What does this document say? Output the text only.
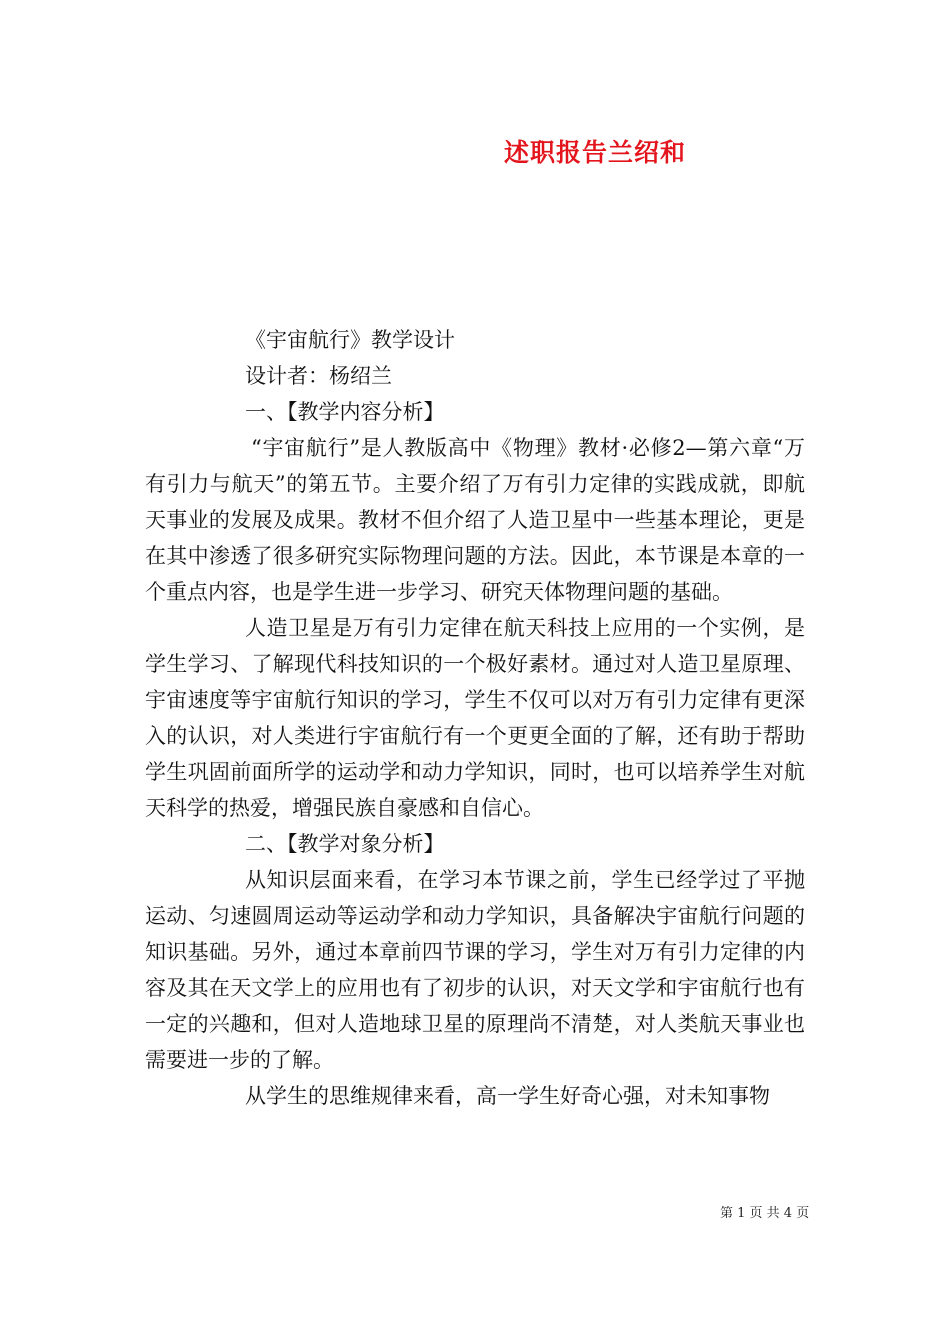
述职报告兰绍和

《宇宙航行》教学设计

设计者：杨绍兰

一、【教学内容分析】

“宇宙航行”是人教版高中《物理》教材·必修2—第六章“万有引力与航天”的第五节。主要介绍了万有引力定律的实践成就，即航天事业的发展及成果。教材不但介绍了人造卫星中一些基本理论，更是在其中渗透了很多研究实际物理问题的方法。因此，本节课是本章的一个重点内容，也是学生进一步学习、研究天体物理问题的基础。

人造卫星是万有引力定律在航天科技上应用的一个实例，是学生学习、了解现代科技知识的一个极好素材。通过对人造卫星原理、宇宙速度等宇宙航行知识的学习，学生不仅可以对万有引力定律有更深入的认识，对人类进行宇宙航行有一个更更全面的了解，还有助于帮助学生巩固前面所学的运动学和动力学知识，同时，也可以培养学生对航天科学的热爱，增强民族自豪感和自信心。

二、【教学对象分析】

从知识层面来看，在学习本节课之前，学生已经学过了平抛运动、匀速圆周运动等运动学和动力学知识，具备解决宇宙航行问题的知识基础。另外，通过本章前四节课的学习，学生对万有引力定律的内容及其在天文学上的应用也有了初步的认识，对天文学和宇宙航行也有一定的兴趣和，但对人造地球卫星的原理尚不清楚，对人类航天事业也需要进一步的了解。

从学生的思维规律来看，高一学生好奇心强，对未知事物

第 1 页 共 4 页
